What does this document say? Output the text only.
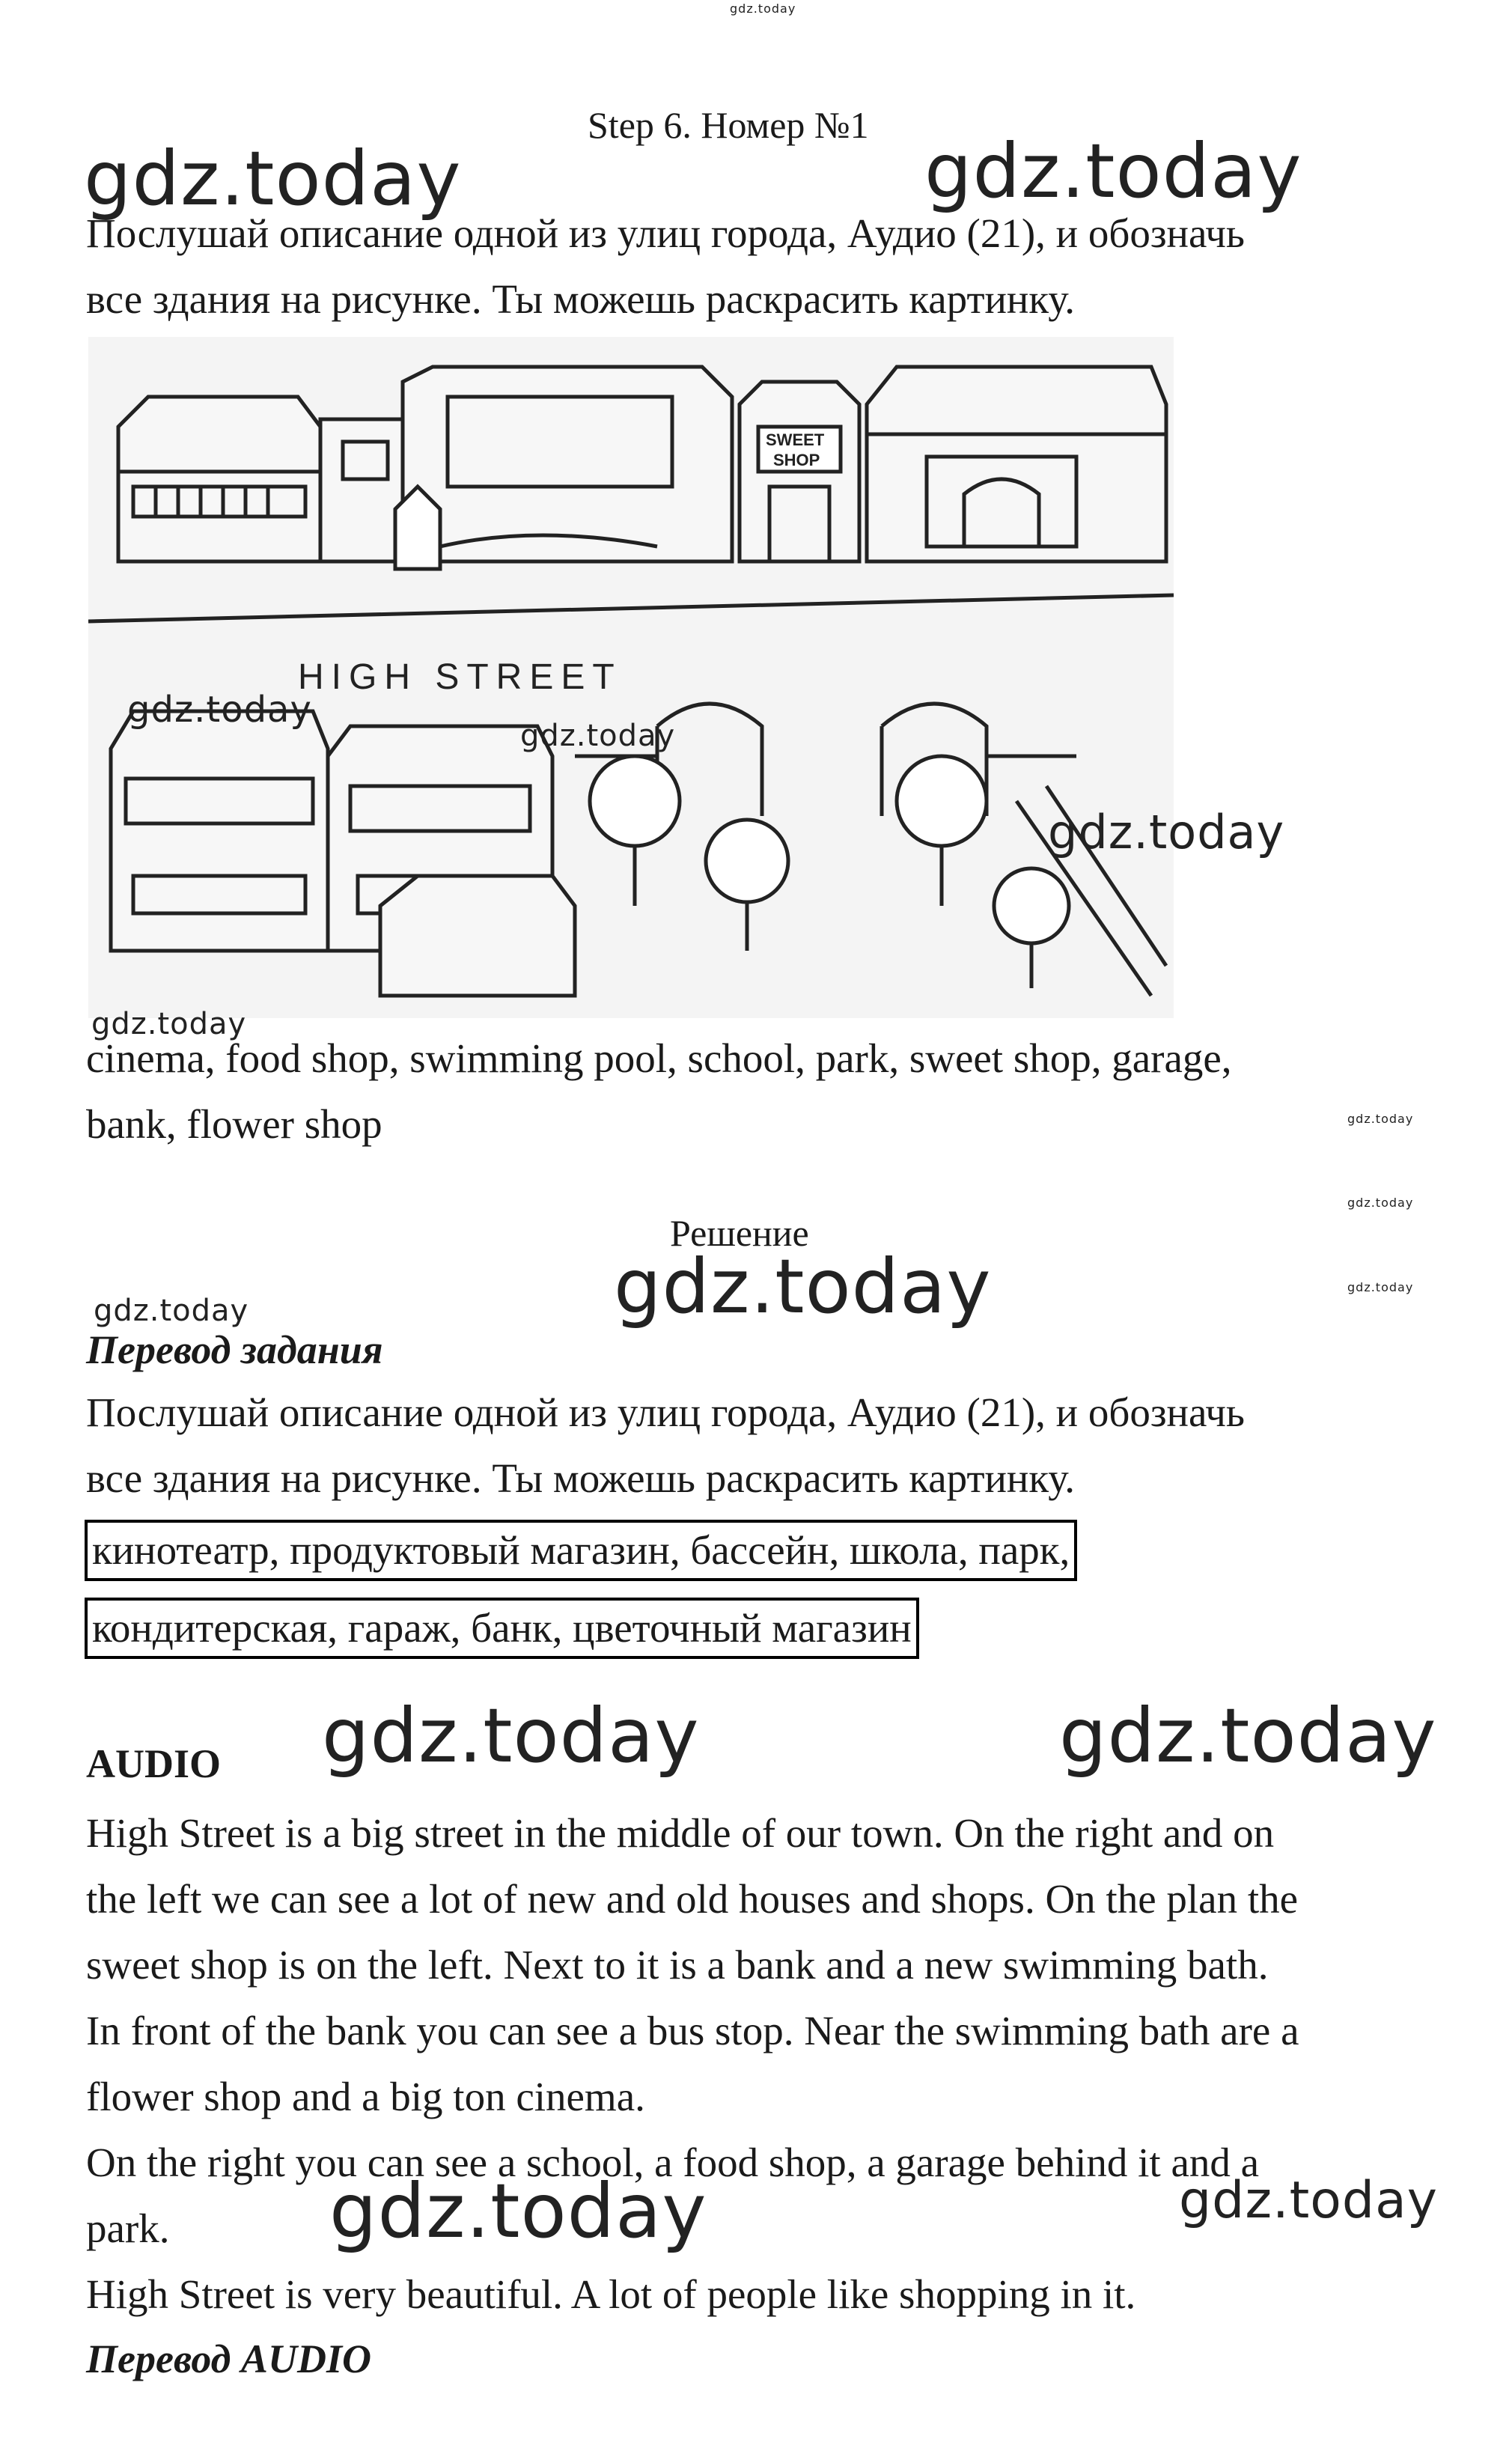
gdz.today
Step 6. Номер №1
gdz.today	gdz.today
Послушай описание одной из улиц города, Аудио (21), и обозначь
все здания на рисунке. Ты можешь раскрасить картинку.
HIGH STREET
SWEET
SHOP
gdz.today
gdz.today
gdz.today
gdz.today
cinema, food shop, swimming pool, school, park, sweet shop, garage,
bank, flower shop	gdz.today
gdz.today
gdz.today
Решение
gdz.today
gdz.today
Перевод задания
Послушай описание одной из улиц города, Аудио (21), и обозначь
все здания на рисунке. Ты можешь раскрасить картинку.
кинотеатр, продуктовый магазин, бассейн, школа, парк,
кондитерская, гараж, банк, цветочный магазин
AUDIO gdz.today	gdz.today
High Street is a big street in the middle of our town. On the right and on
the left we can see a lot of new and old houses and shops. On the plan the
sweet shop is on the left. Next to it is a bank and a new swimming bath.
In front of the bank you can see a bus stop. Near the swimming bath are a
flower shop and a big ton cinema.
On the right you can see a school, a food shop, a garage behind it and a
park.
High Street is very beautiful. A lot of people like shopping in it.
gdz.today	gdz.today
Перевод AUDIO
